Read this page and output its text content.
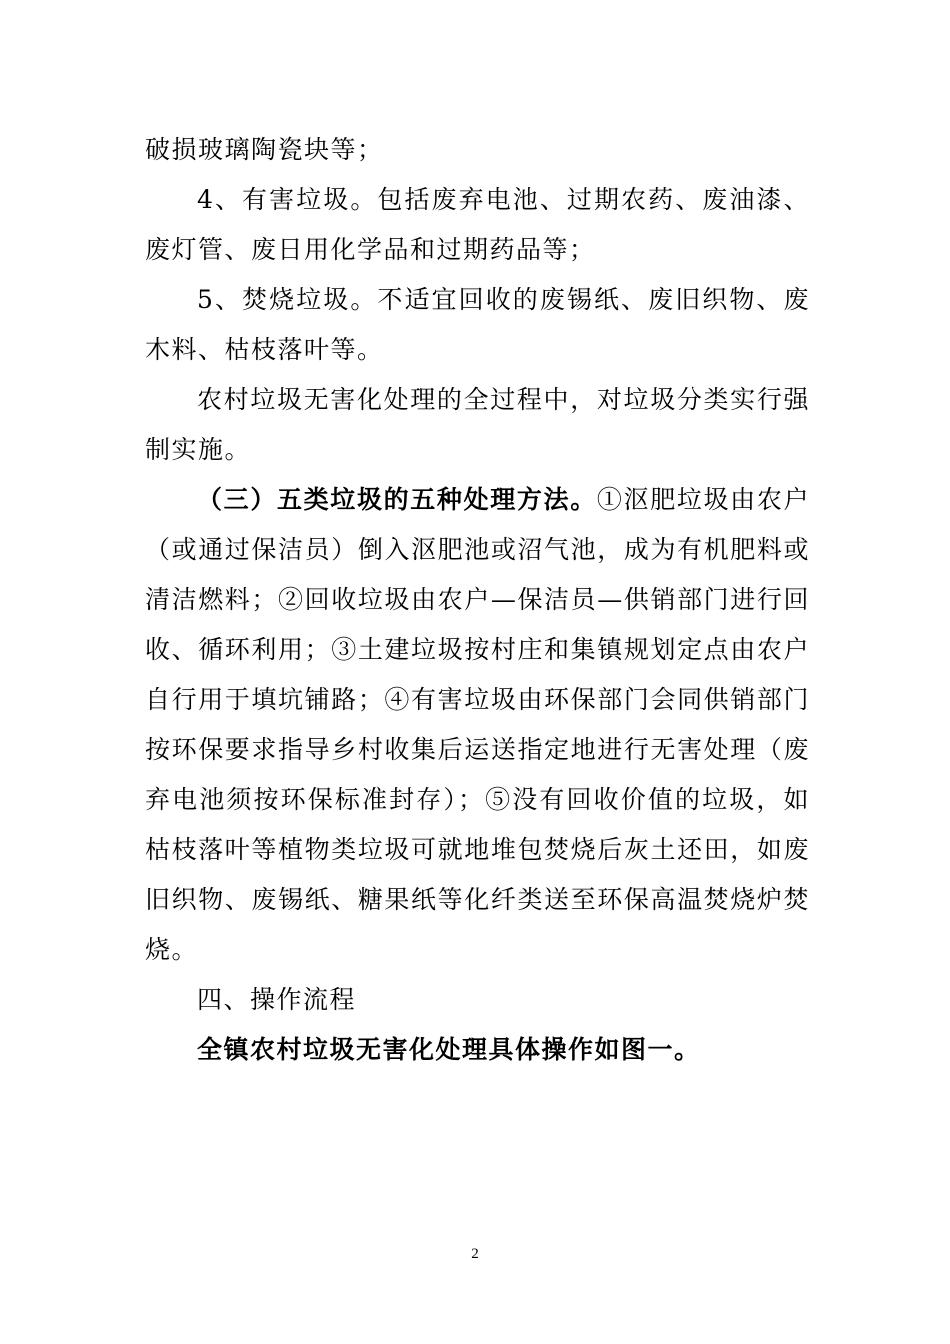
破损玻璃陶瓷块等；

4、有害垃圾。包括废弃电池、过期农药、废油漆、废灯管、废日用化学品和过期药品等；

5、焚烧垃圾。不适宜回收的废锡纸、废旧织物、废木料、枯枝落叶等。

农村垃圾无害化处理的全过程中，对垃圾分类实行强制实施。

（三）五类垃圾的五种处理方法。①沤肥垃圾由农户（或通过保洁员）倒入沤肥池或沼气池，成为有机肥料或清洁燃料；②回收垃圾由农户—保洁员—供销部门进行回收、循环利用；③土建垃圾按村庄和集镇规划定点由农户自行用于填坑铺路；④有害垃圾由环保部门会同供销部门按环保要求指导乡村收集后运送指定地进行无害处理（废弃电池须按环保标准封存）；⑤没有回收价值的垃圾，如枯枝落叶等植物类垃圾可就地堆包焚烧后灰土还田，如废旧织物、废锡纸、糖果纸等化纤类送至环保高温焚烧炉焚烧。

四、操作流程

全镇农村垃圾无害化处理具体操作如图一。

2
